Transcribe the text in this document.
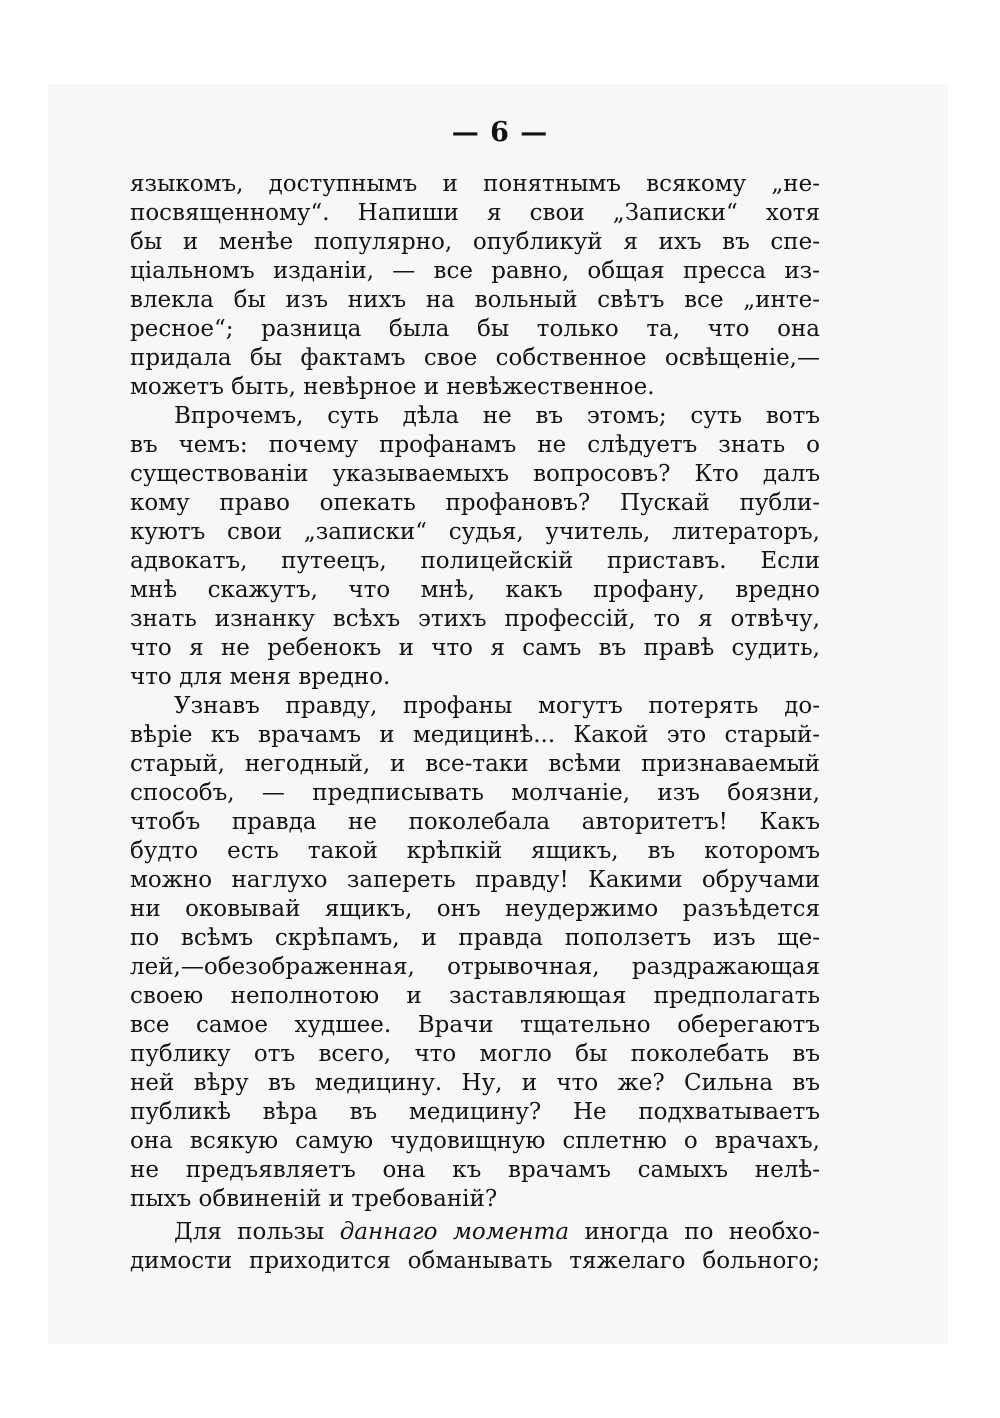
— 6 —
языкомъ, доступнымъ и понятнымъ всякому „не-
посвященному“. Напиши я свои „Записки“ хотя
бы и менѣе популярно, опубликуй я ихъ въ спе-
ціальномъ изданіи, — все равно, общая пресса из-
влекла бы изъ нихъ на вольный свѣтъ все „инте-
ресное“; разница была бы только та, что она
придала бы фактамъ свое собственное освѣщеніе,—
можетъ быть, невѣрное и невѣжественное.
Впрочемъ, суть дѣла не въ этомъ; суть вотъ
въ чемъ: почему профанамъ не слѣдуетъ знать о
существованіи указываемыхъ вопросовъ? Кто далъ
кому право опекать профановъ? Пускай публи-
куютъ свои „записки“ судья, учитель, литераторъ,
адвокатъ, путеецъ, полицейскій приставъ. Если
мнѣ скажутъ, что мнѣ, какъ профану, вредно
знать изнанку всѣхъ этихъ профессій, то я отвѣчу,
что я не ребенокъ и что я самъ въ правѣ судить,
что для меня вредно.
Узнавъ правду, профаны могутъ потерять до-
вѣріе къ врачамъ и медицинѣ... Какой это старый-
старый, негодный, и все-таки всѣми признаваемый
способъ, — предписывать молчаніе, изъ боязни,
чтобъ правда не поколебала авторитетъ! Какъ
будто есть такой крѣпкій ящикъ, въ которомъ
можно наглухо запереть правду! Какими обручами
ни оковывай ящикъ, онъ неудержимо разъѣдется
по всѣмъ скрѣпамъ, и правда поползетъ изъ ще-
лей,—обезображенная, отрывочная, раздражающая
своею неполнотою и заставляющая предполагать
все самое худшее. Врачи тщательно оберегаютъ
публику отъ всего, что могло бы поколебать въ
ней вѣру въ медицину. Ну, и что же? Сильна въ
публикѣ вѣра въ медицину? Не подхватываетъ
она всякую самую чудовищную сплетню о врачахъ,
не предъявляетъ она къ врачамъ самыхъ нелѣ-
пыхъ обвиненій и требованій?
Для пользы даннаго момента иногда по необхо-
димости приходится обманывать тяжелаго больного;
